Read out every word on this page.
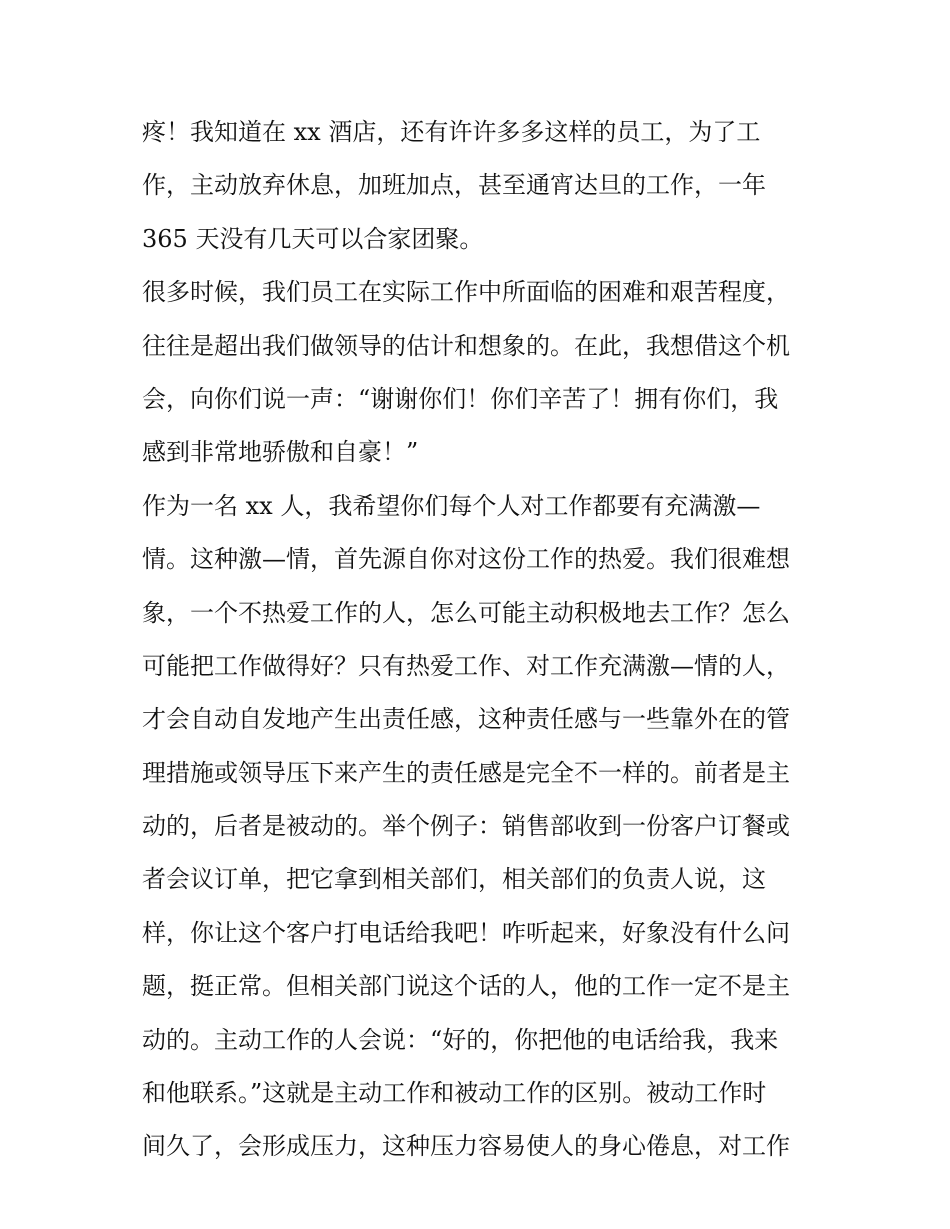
疼！我知道在 xx 酒店，还有许许多多这样的员工，为了工
作，主动放弃休息，加班加点，甚至通宵达旦的工作，一年
365 天没有几天可以合家团聚。
很多时候，我们员工在实际工作中所面临的困难和艰苦程度，
往往是超出我们做领导的估计和想象的。在此，我想借这个机
会，向你们说一声：“谢谢你们！你们辛苦了！拥有你们，我
感到非常地骄傲和自豪！”
作为一名 xx 人，我希望你们每个人对工作都要有充满激—
情。这种激—情，首先源自你对这份工作的热爱。我们很难想
象，一个不热爱工作的人，怎么可能主动积极地去工作？怎么
可能把工作做得好？只有热爱工作、对工作充满激—情的人，
才会自动自发地产生出责任感，这种责任感与一些靠外在的管
理措施或领导压下来产生的责任感是完全不一样的。前者是主
动的，后者是被动的。举个例子：销售部收到一份客户订餐或
者会议订单，把它拿到相关部们，相关部们的负责人说，这
样，你让这个客户打电话给我吧！咋听起来，好象没有什么问
题，挺正常。但相关部门说这个话的人，他的工作一定不是主
动的。主动工作的人会说：“好的，你把他的电话给我，我来
和他联系。”这就是主动工作和被动工作的区别。被动工作时
间久了，会形成压力，这种压力容易使人的身心倦息，对工作
